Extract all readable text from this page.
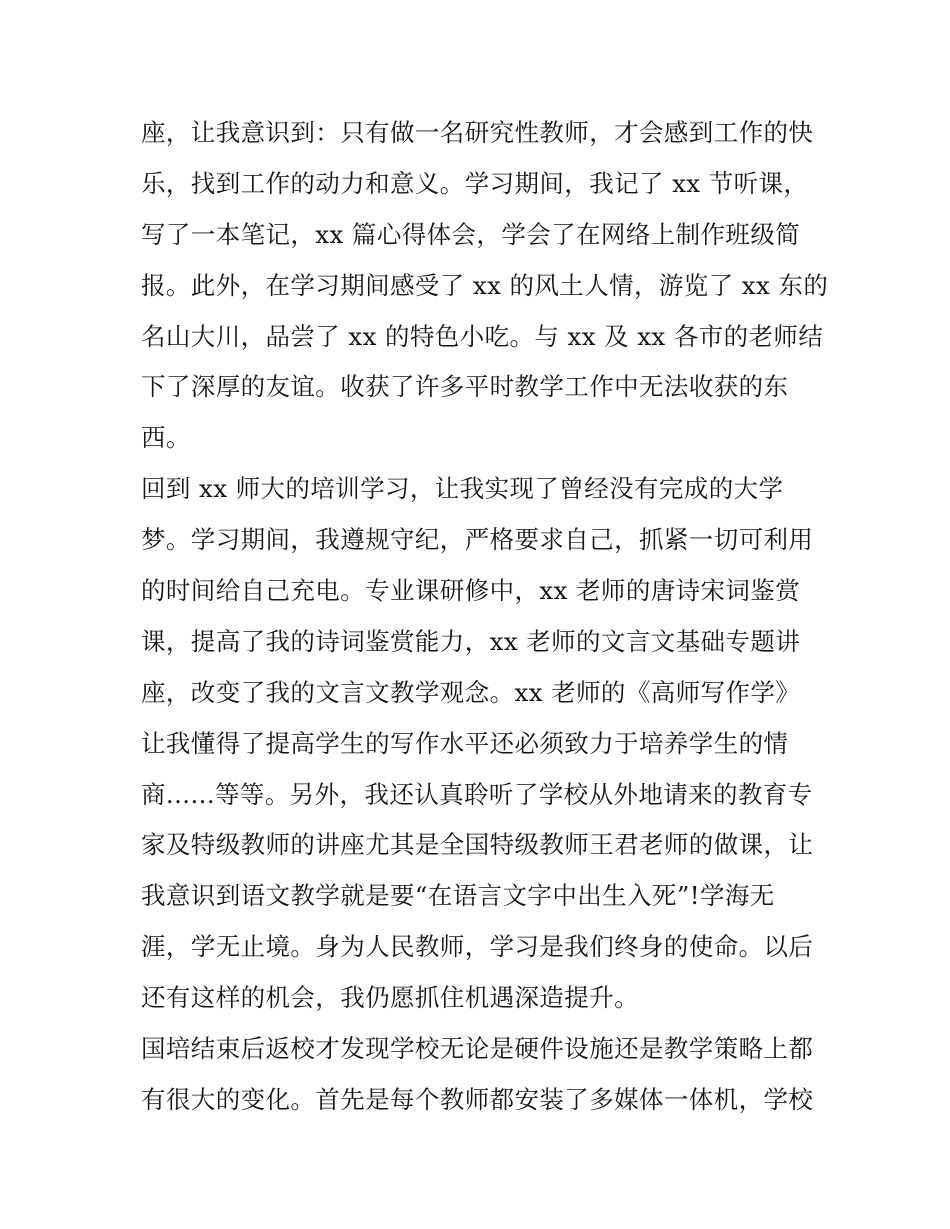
座，让我意识到：只有做一名研究性教师，才会感到工作的快
乐，找到工作的动力和意义。学习期间，我记了 xx 节听课，
写了一本笔记，xx 篇心得体会，学会了在网络上制作班级简
报。此外，在学习期间感受了 xx 的风土人情，游览了 xx 东的
名山大川，品尝了 xx 的特色小吃。与 xx 及 xx 各市的老师结
下了深厚的友谊。收获了许多平时教学工作中无法收获的东
西。
回到 xx 师大的培训学习，让我实现了曾经没有完成的大学
梦。学习期间，我遵规守纪，严格要求自己，抓紧一切可利用
的时间给自己充电。专业课研修中，xx 老师的唐诗宋词鉴赏
课，提高了我的诗词鉴赏能力，xx 老师的文言文基础专题讲
座，改变了我的文言文教学观念。xx 老师的《高师写作学》
让我懂得了提高学生的写作水平还必须致力于培养学生的情
商......等等。另外，我还认真聆听了学校从外地请来的教育专
家及特级教师的讲座尤其是全国特级教师王君老师的做课，让
我意识到语文教学就是要“在语言文字中出生入死”!学海无
涯，学无止境。身为人民教师，学习是我们终身的使命。以后
还有这样的机会，我仍愿抓住机遇深造提升。
国培结束后返校才发现学校无论是硬件设施还是教学策略上都
有很大的变化。首先是每个教师都安装了多媒体一体机，学校
